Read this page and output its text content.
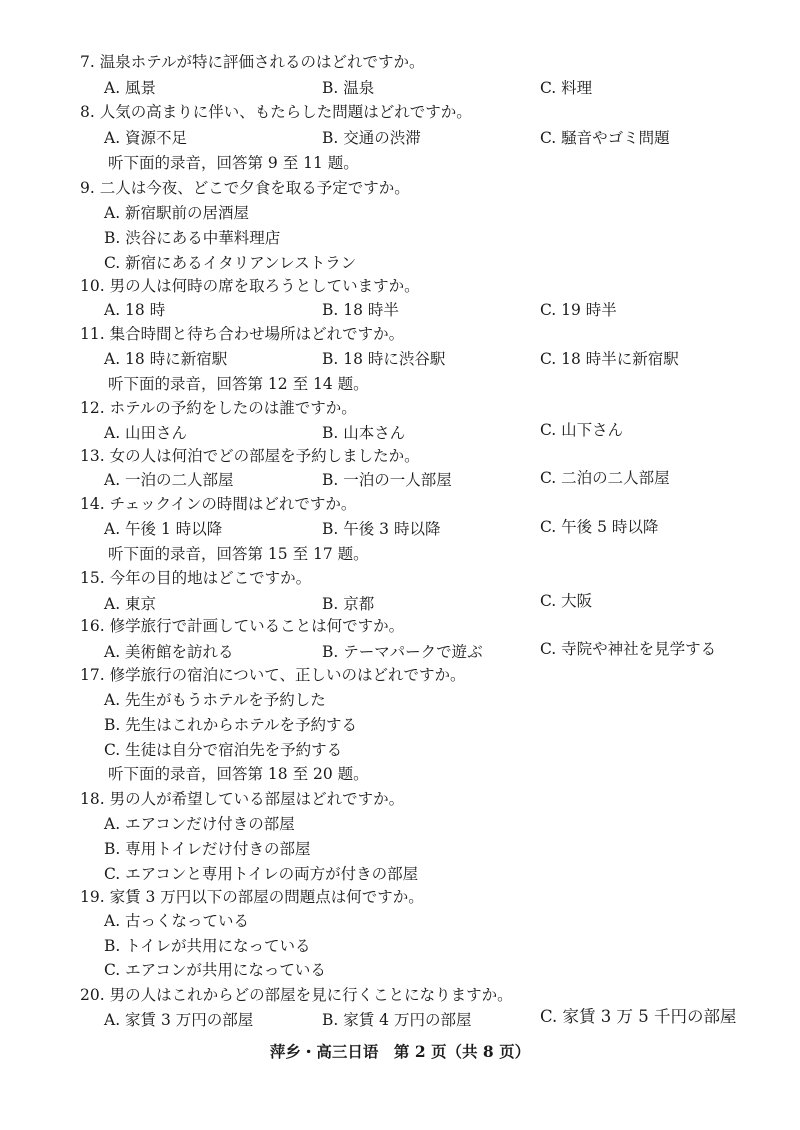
7. 温泉ホテルが特に評価されるのはどれですか。
A. 風景	B. 温泉	C. 料理
8. 人気の高まりに伴い、もたらした問題はどれですか。
A. 資源不足	B. 交通の渋滞	C. 騒音やゴミ問題
听下面的录音，回答第 9 至 11 题。
9. 二人は今夜、どこで夕食を取る予定ですか。
A. 新宿駅前の居酒屋
B. 渋谷にある中華料理店
C. 新宿にあるイタリアンレストラン
10. 男の人は何時の席を取ろうとしていますか。
A. 18 時	B. 18 時半	C. 19 時半
11. 集合時間と待ち合わせ場所はどれですか。
A. 18 時に新宿駅	B. 18 時に渋谷駅	C. 18 時半に新宿駅
听下面的录音，回答第 12 至 14 题。
12. ホテルの予約をしたのは誰ですか。
A. 山田さん	B. 山本さん	C. 山下さん
13. 女の人は何泊でどの部屋を予約しましたか。
A. 一泊の二人部屋	B. 一泊の一人部屋	C. 二泊の二人部屋
14. チェックインの時間はどれですか。
A. 午後 1 時以降	B. 午後 3 時以降	C. 午後 5 時以降
听下面的录音，回答第 15 至 17 题。
15. 今年の目的地はどこですか。
A. 東京	B. 京都	C. 大阪
16. 修学旅行で計画していることは何ですか。
A. 美術館を訪れる	B. テーマパークで遊ぶ	C. 寺院や神社を見学する
17. 修学旅行の宿泊について、正しいのはどれですか。
A. 先生がもうホテルを予約した
B. 先生はこれからホテルを予約する
C. 生徒は自分で宿泊先を予約する
听下面的录音，回答第 18 至 20 题。
18. 男の人が希望している部屋はどれですか。
A. エアコンだけ付きの部屋
B. 専用トイレだけ付きの部屋
C. エアコンと専用トイレの両方が付きの部屋
19. 家賃 3 万円以下の部屋の問題点は何ですか。
A. 古っくなっている
B. トイレが共用になっている
C. エアコンが共用になっている
20. 男の人はこれからどの部屋を見に行くことになりますか。
A. 家賃 3 万円の部屋	B. 家賃 4 万円の部屋	C. 家賃 3 万 5 千円の部屋
萍乡・高三日语　第 2 页（共 8 页）
